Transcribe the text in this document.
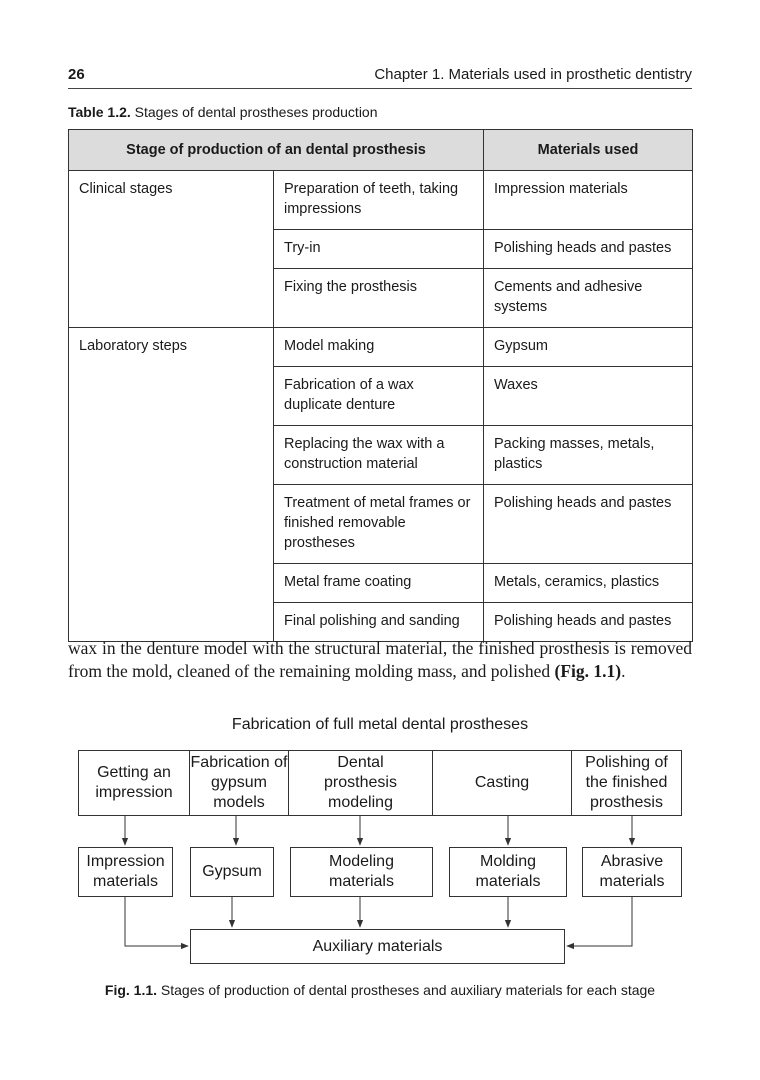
26	Chapter 1. Materials used in prosthetic dentistry
Table 1.2. Stages of dental prostheses production
Stage of production of an dental prosthesis		Materials used
Clinical stages	Preparation of teeth, taking impressions	Impression materials
	Try-in	Polishing heads and pastes
	Fixing the prosthesis	Cements and adhesive systems
Laboratory steps	Model making	Gypsum
	Fabrication of a wax duplicate denture	Waxes
	Replacing the wax with a construction material	Packing masses, metals, plastics
	Treatment of metal frames or finished removable prostheses	Polishing heads and pastes
	Metal frame coating	Metals, ceramics, plastics
	Final polishing and sanding	Polishing heads and pastes
wax in the denture model with the structural material, the finished prosthesis is removed from the mold, cleaned of the remaining molding mass, and polished (Fig. 1.1).
Fabrication of full metal dental prostheses
Getting an impression
Fabrication of gypsum models
Dental prosthesis modeling
Casting
Polishing of the finished prosthesis
Impression materials
Gypsum
Modeling materials
Molding materials
Abrasive materials
Auxiliary materials
Fig. 1.1. Stages of production of dental prostheses and auxiliary materials for each stage
